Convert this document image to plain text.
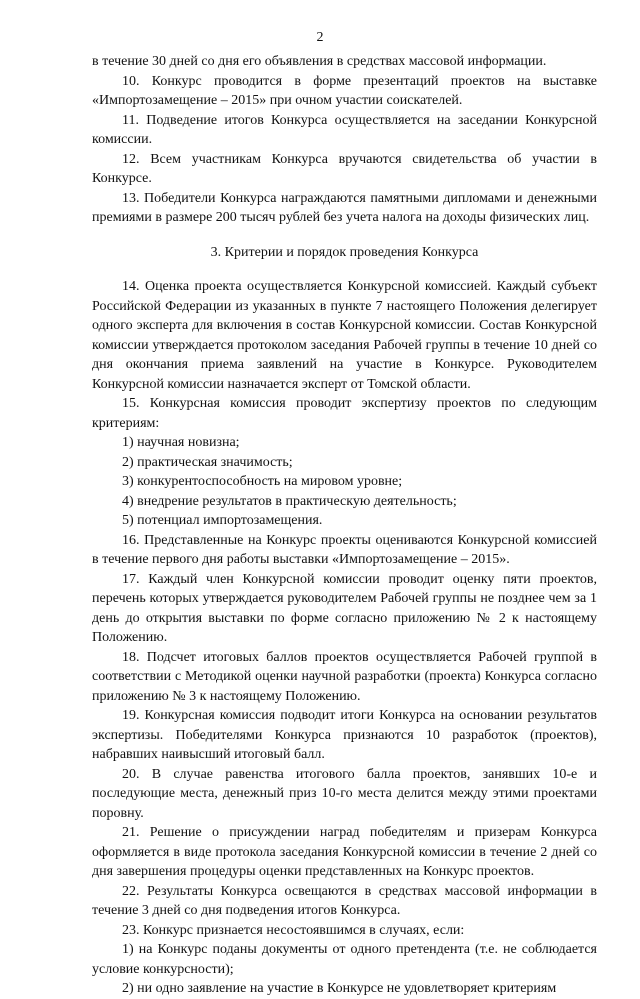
2

в течение 30 дней со дня его объявления в средствах массовой информации.

10. Конкурс проводится в форме презентаций проектов на выставке «Импортозамещение – 2015» при очном участии соискателей.

11. Подведение итогов Конкурса осуществляется на заседании Конкурсной комиссии.

12. Всем участникам Конкурса вручаются свидетельства об участии в Конкурсе.

13. Победители Конкурса награждаются памятными дипломами и денежными премиями в размере 200 тысяч рублей без учета налога на доходы физических лиц.

3. Критерии и порядок проведения Конкурса

14. Оценка проекта осуществляется Конкурсной комиссией. Каждый субъект Российской Федерации из указанных в пункте 7 настоящего Положения делегирует одного эксперта для включения в состав Конкурсной комиссии. Состав Конкурсной комиссии утверждается протоколом заседания Рабочей группы в течение 10 дней со дня окончания приема заявлений на участие в Конкурсе. Руководителем Конкурсной комиссии назначается эксперт от Томской области.

15. Конкурсная комиссия проводит экспертизу проектов по следующим критериям:

1) научная новизна;

2) практическая значимость;

3) конкурентоспособность на мировом уровне;

4) внедрение результатов в практическую деятельность;

5) потенциал импортозамещения.

16. Представленные на Конкурс проекты оцениваются Конкурсной комиссией в течение первого дня работы выставки «Импортозамещение – 2015».

17. Каждый член Конкурсной комиссии проводит оценку пяти проектов, перечень которых утверждается руководителем Рабочей группы не позднее чем за 1 день до открытия выставки по форме согласно приложению № 2 к настоящему Положению.

18. Подсчет итоговых баллов проектов осуществляется Рабочей группой в соответствии с Методикой оценки научной разработки (проекта) Конкурса согласно приложению № 3 к настоящему Положению.

19. Конкурсная комиссия подводит итоги Конкурса на основании результатов экспертизы. Победителями Конкурса признаются 10 разработок (проектов), набравших наивысший итоговый балл.

20. В случае равенства итогового балла проектов, занявших 10-е и последующие места, денежный приз 10-го места делится между этими проектами поровну.

21. Решение о присуждении наград победителям и призерам Конкурса оформляется в виде протокола заседания Конкурсной комиссии в течение 2 дней со дня завершения процедуры оценки представленных на Конкурс проектов.

22. Результаты Конкурса освещаются в средствах массовой информации в течение 3 дней со дня подведения итогов Конкурса.

23. Конкурс признается несостоявшимся в случаях, если:

1) на Конкурс поданы документы от одного претендента (т.е. не соблюдается условие конкурсности);

2) ни одно заявление на участие в Конкурсе не удовлетворяет критериям
